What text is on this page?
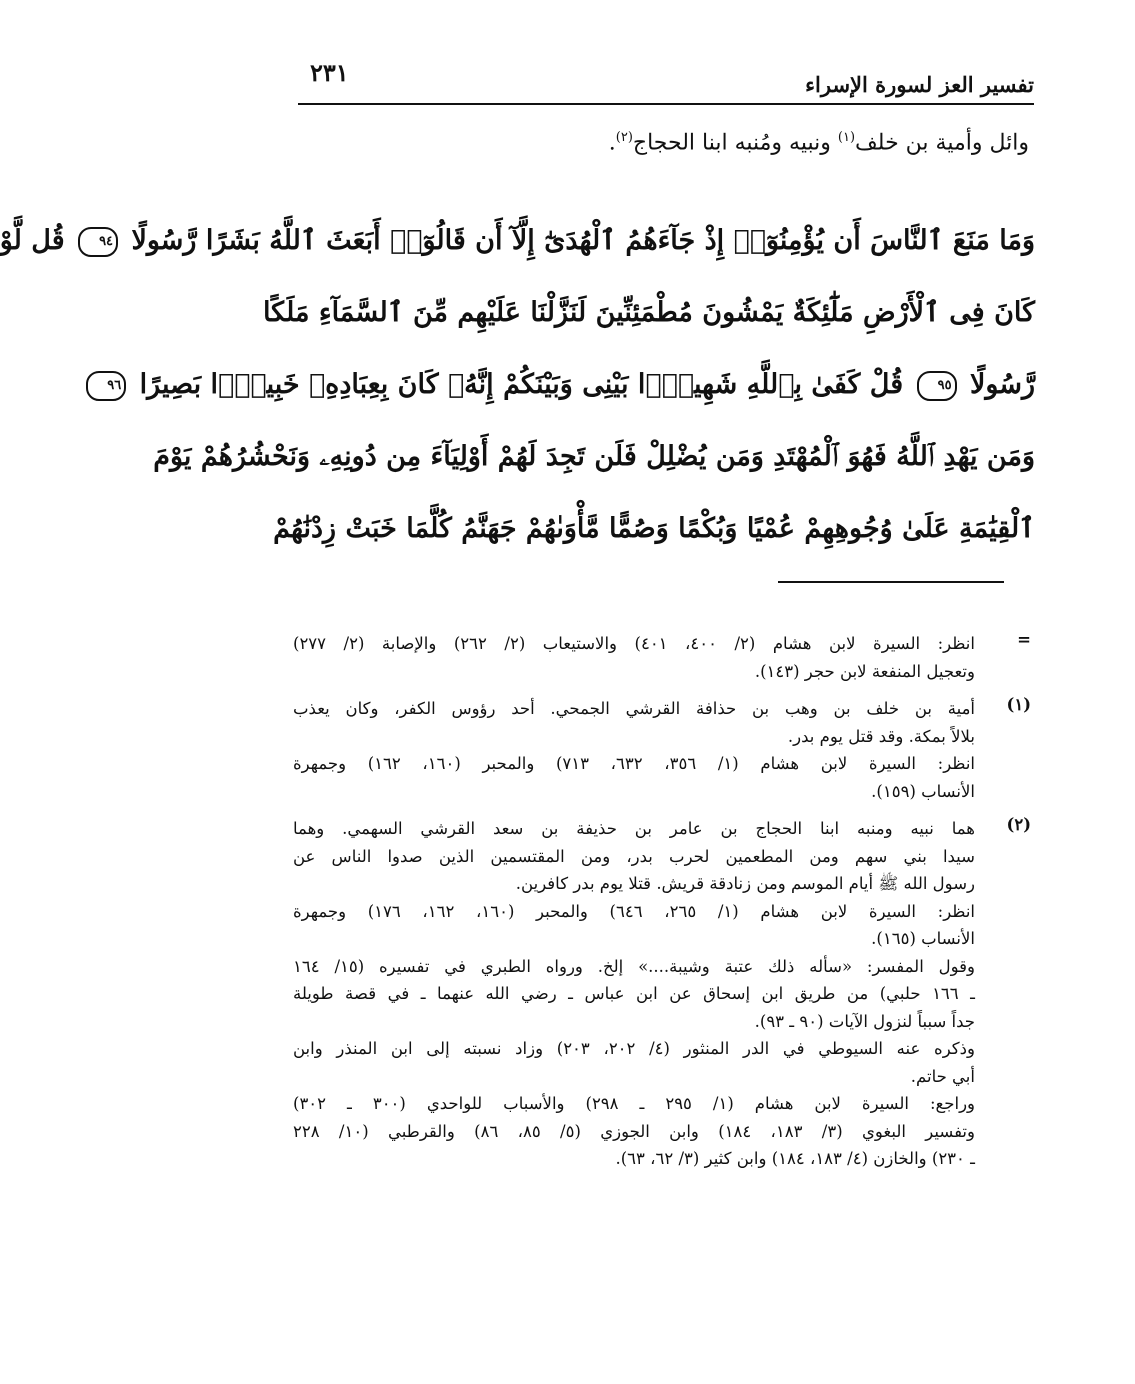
٢٣١	تفسير العز لسورة الإسراء
وائل وأمية بن خلف$^{(١)}$ ونبيه ومُنبه ابنا الحجاج$^{(٢)}$.
وَمَا مَنَعَ ٱلنَّاسَ أَن يُؤْمِنُوٓا۟ إِذْ جَآءَهُمُ ٱلْهُدَىٰٓ إِلَّآ أَن قَالُوٓا۟ أَبَعَثَ ٱللَّهُ بَشَرًا رَّسُولًا ٩٤ قُل لَّوْ
كَانَ فِى ٱلْأَرْضِ مَلَٰٓئِكَةٌ يَمْشُونَ مُطْمَئِنِّينَ لَنَزَّلْنَا عَلَيْهِم مِّنَ ٱلسَّمَآءِ مَلَكًا
رَّسُولًا ٩٥ قُلْ كَفَىٰ بِٱللَّهِ شَهِيدًۢا بَيْنِى وَبَيْنَكُمْ إِنَّهُۥ كَانَ بِعِبَادِهِۦ خَبِيرًۢا بَصِيرًا ٩٦
وَمَن يَهْدِ ٱللَّهُ فَهُوَ ٱلْمُهْتَدِ وَمَن يُضْلِلْ فَلَن تَجِدَ لَهُمْ أَوْلِيَآءَ مِن دُونِهِۦ وَنَحْشُرُهُمْ يَوْمَ
ٱلْقِيَٰمَةِ عَلَىٰ وُجُوهِهِمْ عُمْيًا وَبُكْمًا وَصُمًّا مَّأْوَىٰهُمْ جَهَنَّمُ كُلَّمَا خَبَتْ زِدْنَٰهُمْ
=
انظر: السيرة لابن هشام (٢/ ٤٠٠، ٤٠١) والاستيعاب (٢/ ٢٦٢) والإصابة (٢/ ٢٧٧)
وتعجيل المنفعة لابن حجر (١٤٣).
(١)
أمية بن خلف بن وهب بن حذافة القرشي الجمحي. أحد رؤوس الكفر، وكان يعذب
بلالاً بمكة. وقد قتل يوم بدر.
انظر: السيرة لابن هشام (١/ ٣٥٦، ٦٣٢، ٧١٣) والمحبر (١٦٠، ١٦٢) وجمهرة
الأنساب (١٥٩).
(٢)
هما نبيه ومنبه ابنا الحجاج بن عامر بن حذيفة بن سعد القرشي السهمي. وهما
سيدا بني سهم ومن المطعمين لحرب بدر، ومن المقتسمين الذين صدوا الناس عن
رسول الله ﷺ أيام الموسم ومن زنادقة قريش. قتلا يوم بدر كافرين.
انظر: السيرة لابن هشام (١/ ٢٦٥، ٦٤٦) والمحبر (١٦٠، ١٦٢، ١٧٦) وجمهرة
الأنساب (١٦٥).
وقول المفسر: «سأله ذلك عتبة وشيبة....» إلخ. ورواه الطبري في تفسيره (١٥/ ١٦٤
ـ ١٦٦ حلبي) من طريق ابن إسحاق عن ابن عباس ـ رضي الله عنهما ـ في قصة طويلة
جداً سبباً لنزول الآيات (٩٠ ـ ٩٣).
وذكره عنه السيوطي في الدر المنثور (٤/ ٢٠٢، ٢٠٣) وزاد نسبته إلى ابن المنذر وابن
أبي حاتم.
وراجع: السيرة لابن هشام (١/ ٢٩٥ ـ ٢٩٨) والأسباب للواحدي (٣٠٠ ـ ٣٠٢)
وتفسير البغوي (٣/ ١٨٣، ١٨٤) وابن الجوزي (٥/ ٨٥، ٨٦) والقرطبي (١٠/ ٢٢٨
ـ ٢٣٠) والخازن (٤/ ١٨٣، ١٨٤) وابن كثير (٣/ ٦٢، ٦٣).
